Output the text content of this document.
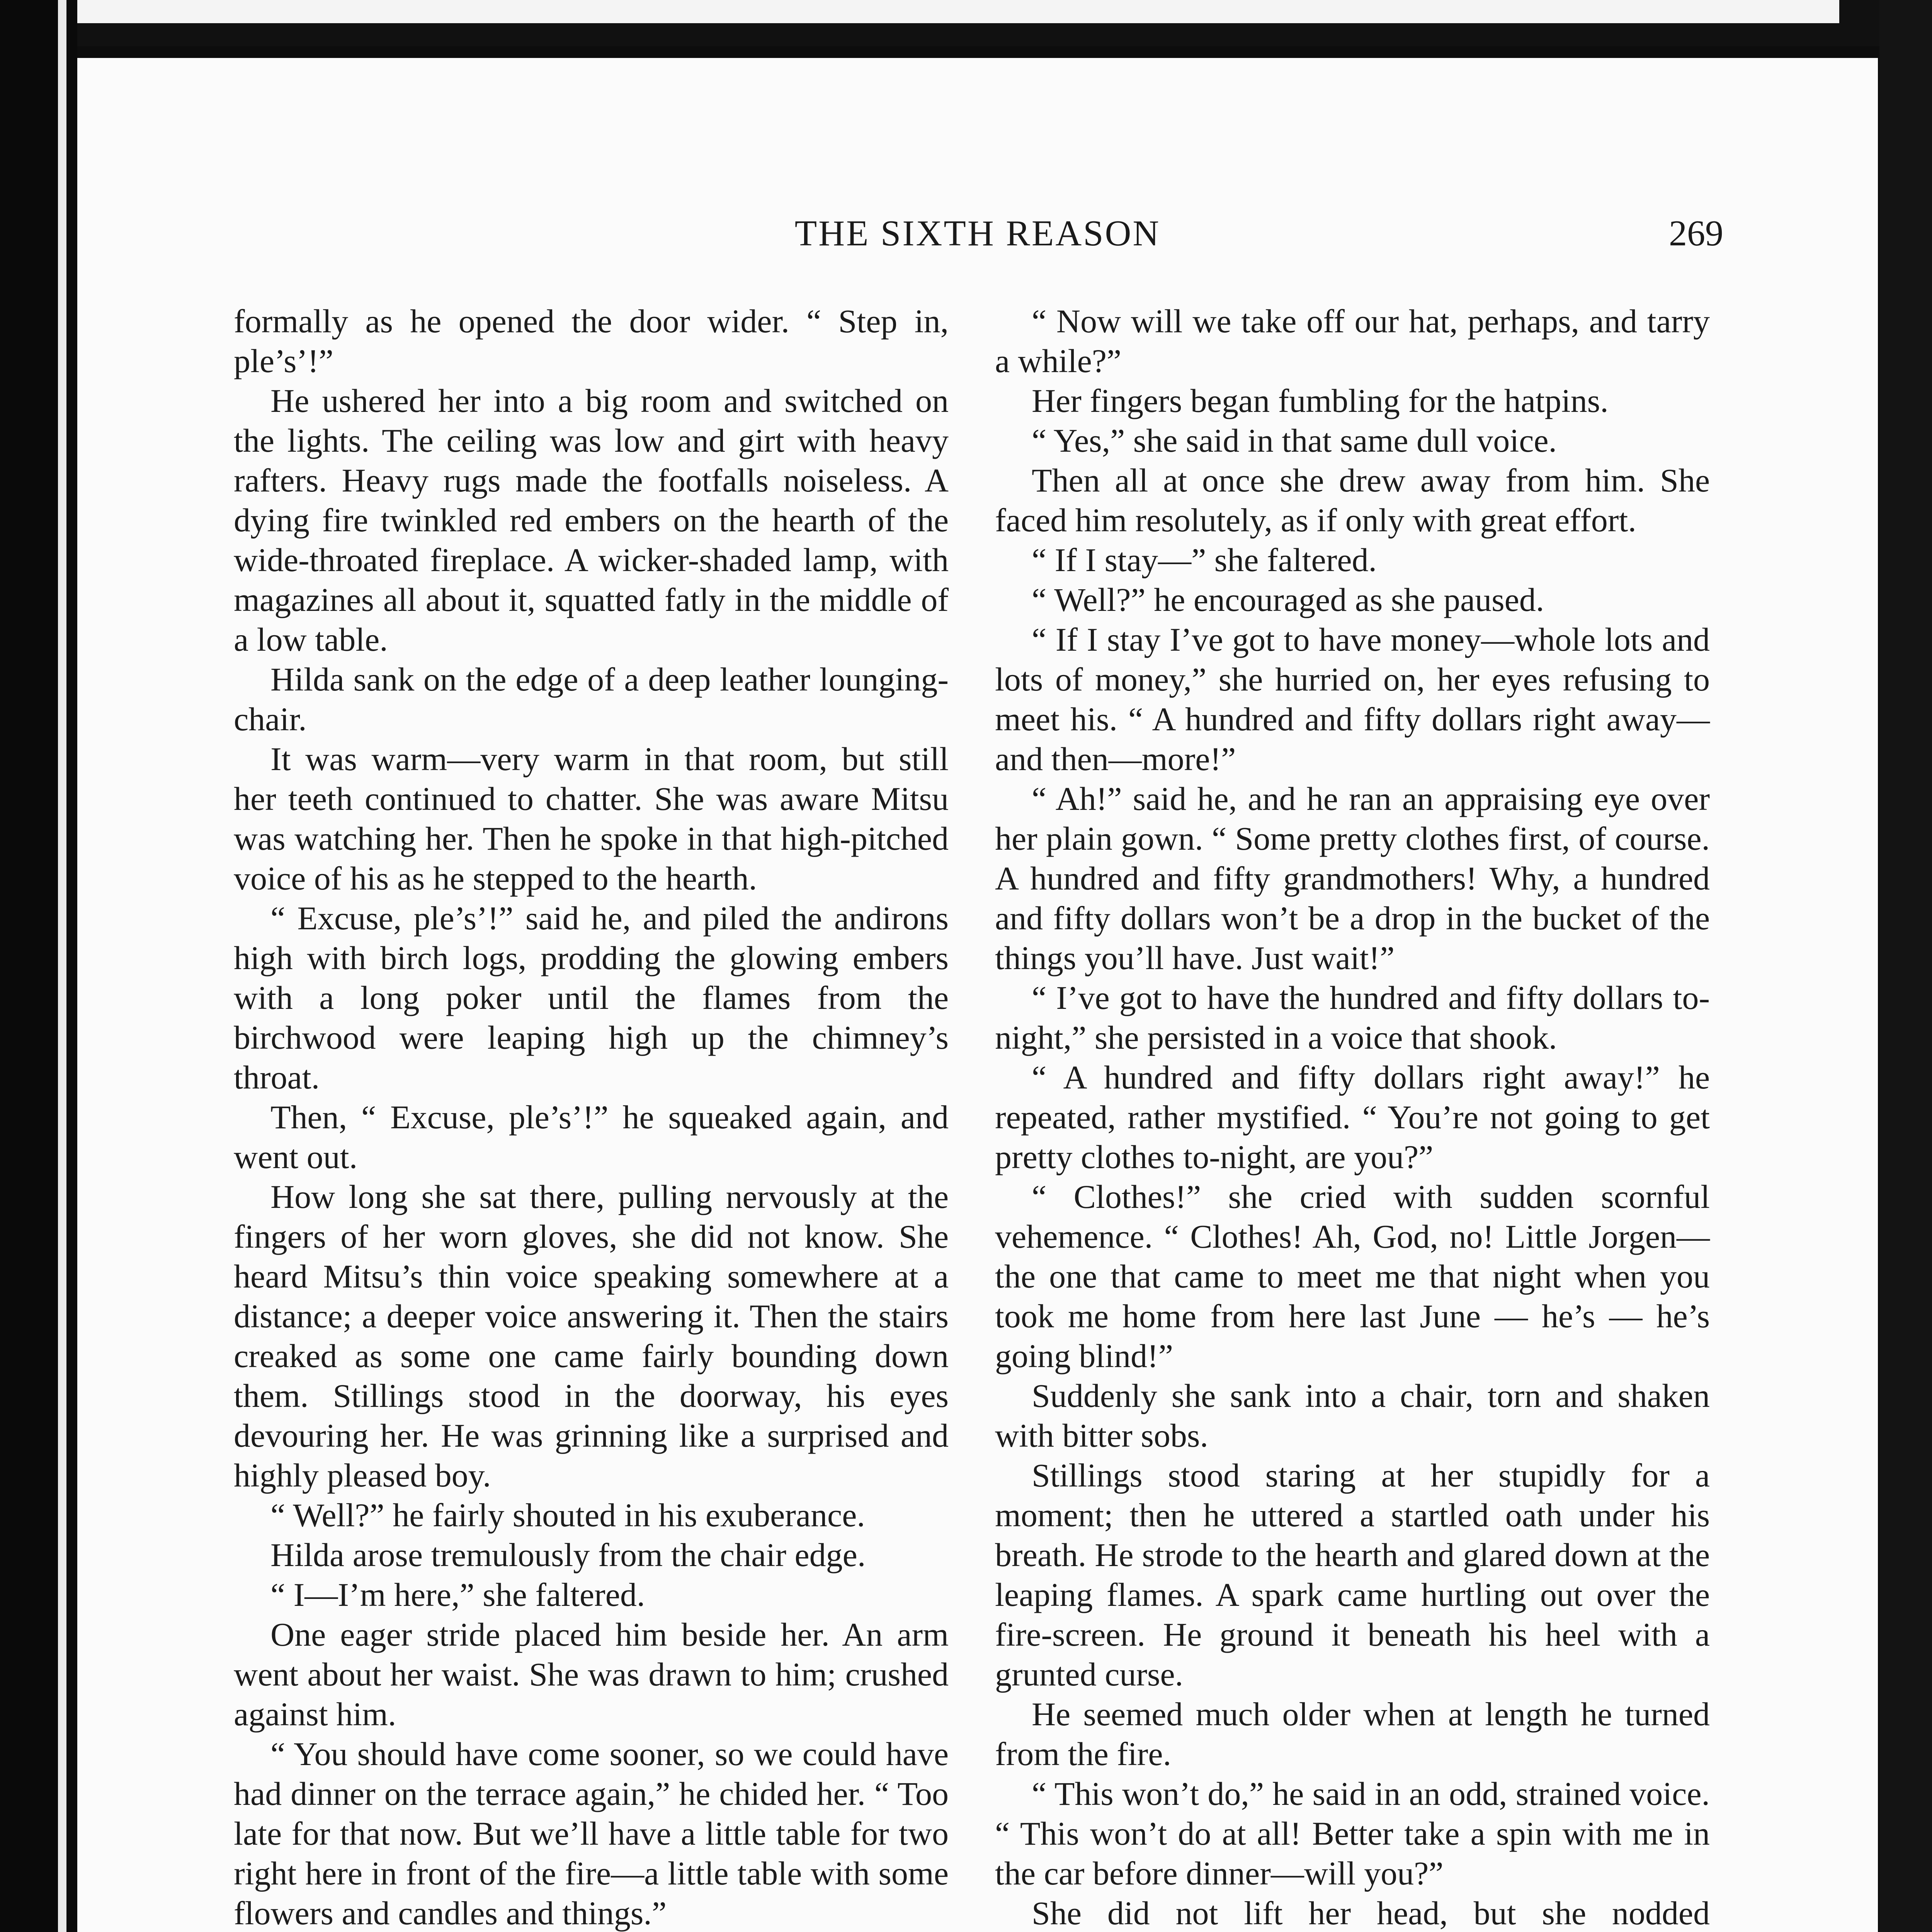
THE SIXTH REASON	269

formally as he opened the door wider. “ Step in, ple’s’!”

He ushered her into a big room and switched on the lights. The ceiling was low and girt with heavy rafters. Heavy rugs made the footfalls noiseless. A dying fire twinkled red embers on the hearth of the wide-throated fireplace. A wicker-shaded lamp, with magazines all about it, squatted fatly in the middle of a low table.

Hilda sank on the edge of a deep leather lounging-chair.

It was warm—very warm in that room, but still her teeth continued to chatter. She was aware Mitsu was watching her. Then he spoke in that high-pitched voice of his as he stepped to the hearth.

“ Excuse, ple’s’!” said he, and piled the andirons high with birch logs, prodding the glowing embers with a long poker until the flames from the birchwood were leaping high up the chimney’s throat.

Then, “ Excuse, ple’s’!” he squeaked again, and went out.

How long she sat there, pulling nervously at the fingers of her worn gloves, she did not know. She heard Mitsu’s thin voice speaking somewhere at a distance; a deeper voice answering it. Then the stairs creaked as some one came fairly bounding down them. Stillings stood in the doorway, his eyes devouring her. He was grinning like a surprised and highly pleased boy.

“ Well?” he fairly shouted in his exuberance.

Hilda arose tremulously from the chair edge.

“ I—I’m here,” she faltered.

One eager stride placed him beside her. An arm went about her waist. She was drawn to him; crushed against him.

“ You should have come sooner, so we could have had dinner on the terrace again,” he chided her. “ Too late for that now. But we’ll have a little table for two right here in front of the fire—a little table with some flowers and candles and things.”

“ Now will we take off our hat, perhaps, and tarry a while?”

Her fingers began fumbling for the hatpins.

“ Yes,” she said in that same dull voice.

Then all at once she drew away from him. She faced him resolutely, as if only with great effort.

“ If I stay—” she faltered.

“ Well?” he encouraged as she paused.

“ If I stay I’ve got to have money—whole lots and lots of money,” she hurried on, her eyes refusing to meet his. “ A hundred and fifty dollars right away—and then—more!”

“ Ah!” said he, and he ran an appraising eye over her plain gown. “ Some pretty clothes first, of course. A hundred and fifty grandmothers! Why, a hundred and fifty dollars won’t be a drop in the bucket of the things you’ll have. Just wait!”

“ I’ve got to have the hundred and fifty dollars to-night,” she persisted in a voice that shook.

“ A hundred and fifty dollars right away!” he repeated, rather mystified. “ You’re not going to get pretty clothes to-night, are you?”

“ Clothes!” she cried with sudden scornful vehemence. “ Clothes! Ah, God, no! Little Jorgen—the one that came to meet me that night when you took me home from here last June — he’s — he’s going blind!”

Suddenly she sank into a chair, torn and shaken with bitter sobs.

Stillings stood staring at her stupidly for a moment; then he uttered a startled oath under his breath. He strode to the hearth and glared down at the leaping flames. A spark came hurtling out over the fire-screen. He ground it beneath his heel with a grunted curse.

He seemed much older when at length he turned from the fire.

“ This won’t do,” he said in an odd, strained voice. “ This won’t do at all! Better take a spin with me in the car before dinner—will you?”

She did not lift her head, but she nodded
